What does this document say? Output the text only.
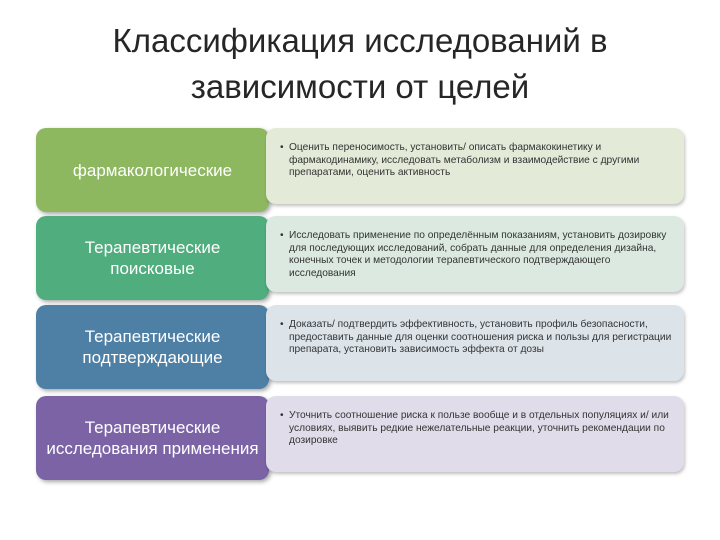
Классификация исследований в зависимости от целей
фармакологические
• Оценить переносимость, установить/ описать фармакокинетику и фармакодинамику, исследовать метаболизм и взаимодействие с другими препаратами, оценить активность
Терапевтические поисковые
• Исследовать применение по определённым показаниям, установить дозировку для последующих исследований, собрать данные для определения дизайна, конечных точек и методологии терапевтического подтверждающего исследования
Терапевтические подтверждающие
• Доказать/ подтвердить эффективность, установить профиль безопасности, предоставить данные для оценки соотношения риска и пользы для регистрации препарата, установить зависимость эффекта от дозы
Терапевтические исследования применения
• Уточнить соотношение риска к пользе вообще и в отдельных популяциях и/ или условиях, выявить редкие нежелательные реакции, уточнить рекомендации по дозировке
